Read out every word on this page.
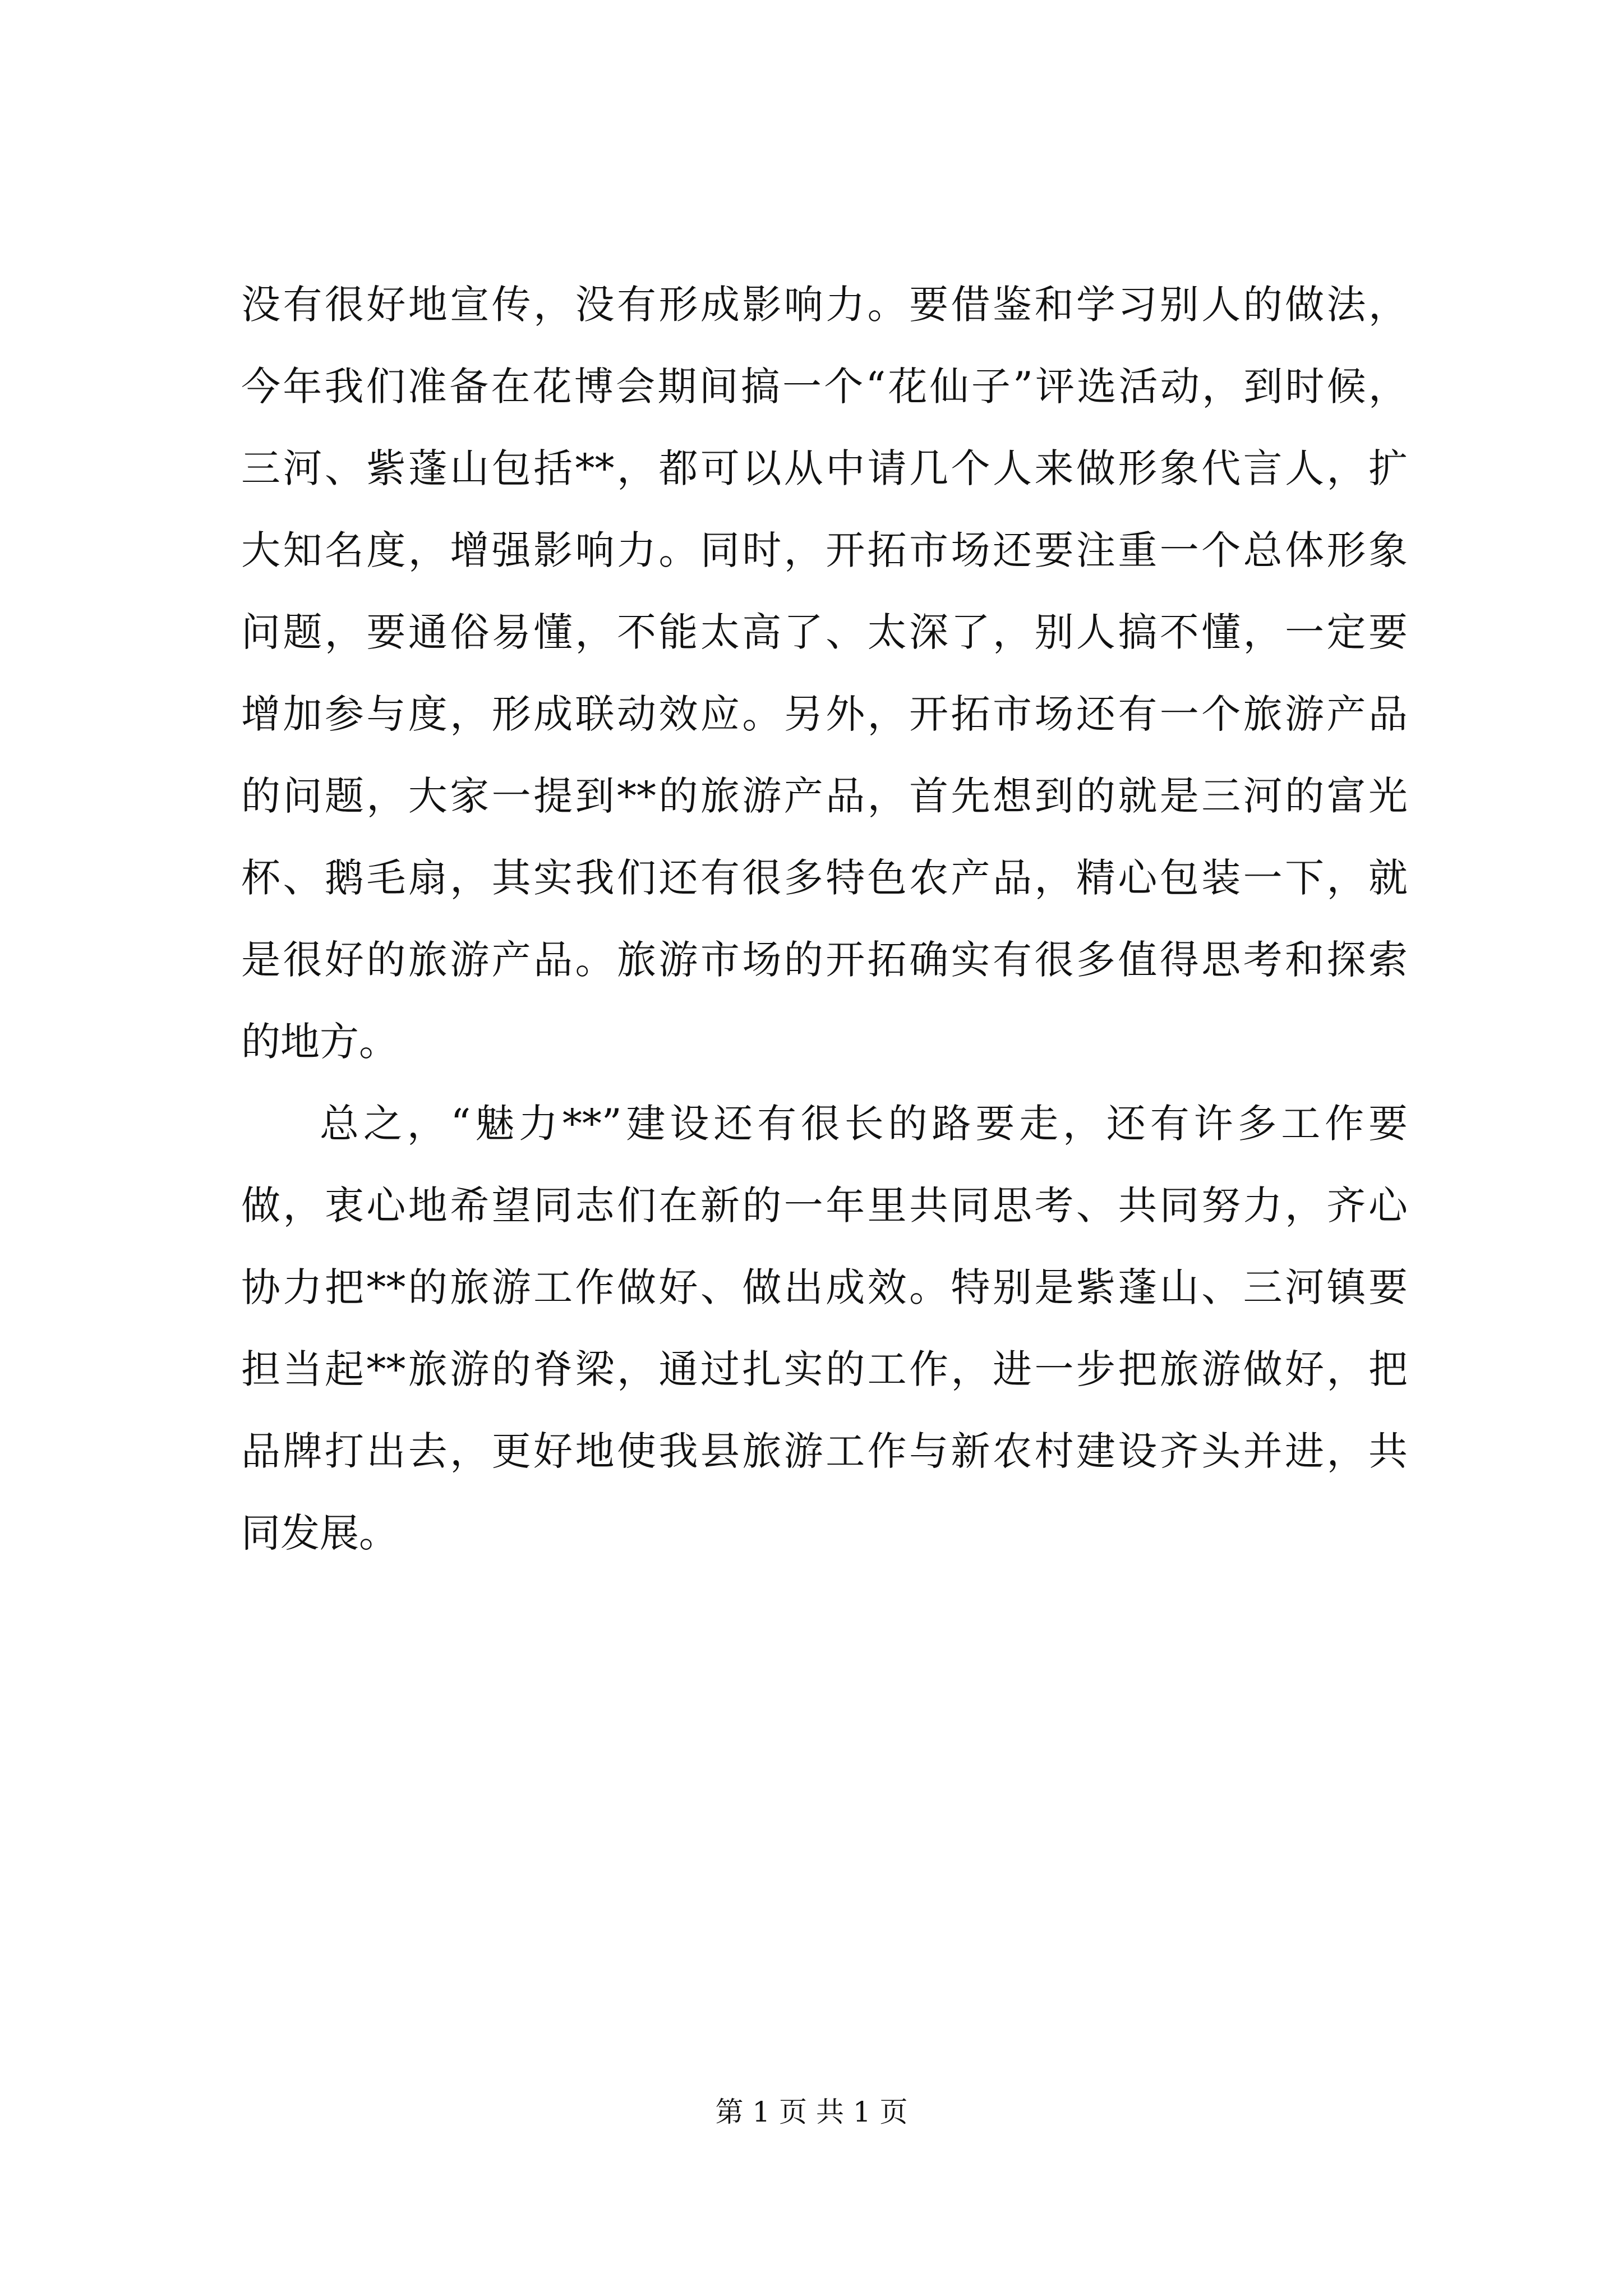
没有很好地宣传，没有形成影响力。要借鉴和学习别人的做法，
今年我们准备在花博会期间搞一个“花仙子”评选活动，到时候，
三河、紫蓬山包括**，都可以从中请几个人来做形象代言人，扩
大知名度，增强影响力。同时，开拓市场还要注重一个总体形象
问题，要通俗易懂，不能太高了、太深了，别人搞不懂，一定要
增加参与度，形成联动效应。另外，开拓市场还有一个旅游产品
的问题，大家一提到**的旅游产品，首先想到的就是三河的富光
杯、鹅毛扇，其实我们还有很多特色农产品，精心包装一下，就
是很好的旅游产品。旅游市场的开拓确实有很多值得思考和探索
的地方。
总之，“魅力**”建设还有很长的路要走，还有许多工作要
做，衷心地希望同志们在新的一年里共同思考、共同努力，齐心
协力把**的旅游工作做好、做出成效。特别是紫蓬山、三河镇要
担当起**旅游的脊梁，通过扎实的工作，进一步把旅游做好，把
品牌打出去，更好地使我县旅游工作与新农村建设齐头并进，共
同发展。
第 1 页 共 1 页
